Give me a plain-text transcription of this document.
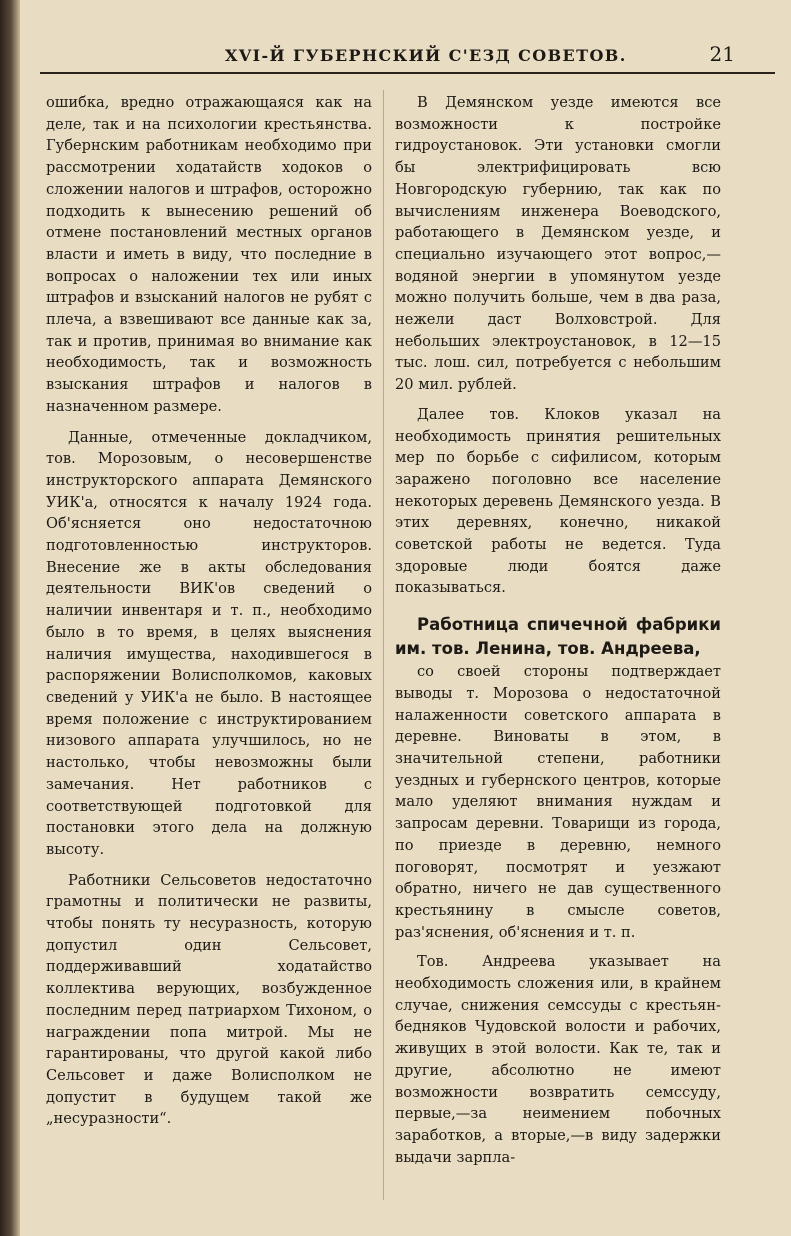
XVI-Й ГУБЕРНСКИЙ С'ЕЗД СОВЕТОВ.	21

ошибка, вредно отражающаяся как на деле, так и на психологии крестьянства. Губернским работникам необходимо при рассмотрении ходатайств ходоков о сложении налогов и штрафов, осторожно подходить к вынесению решений об отмене постановлений местных органов власти и иметь в виду, что последние в вопросах о наложении тех или иных штрафов и взысканий налогов не рубят с плеча, а взвешивают все данные как за, так и против, принимая во внимание как необходимость, так и возможность взыскания штрафов и налогов в назначенном размере.

Данные, отмеченные докладчиком, тов. Морозовым, о несовершенстве инструкторского аппарата Демянского УИК'а, относятся к началу 1924 года. Об'ясняется оно недостаточною подготовленностью инструкторов. Внесение же в акты обследования деятельности ВИК'ов сведений о наличии инвентаря и т. п., необходимо было в то время, в целях выяснения наличия имущества, находившегося в распоряжении Волисполкомов, каковых сведений у УИК'а не было. В настоящее время положение с инструктированием низового аппарата улучшилось, но не настолько, чтобы невозможны были замечания. Нет работников с соответствующей подготовкой для постановки этого дела на должную высоту.

Работники Сельсоветов недостаточно грамотны и политически не развиты, чтобы понять ту несуразность, которую допустил один Сельсовет, поддерживавший ходатайство коллектива верующих, возбужденное последним перед патриархом Тихоном, о награждении попа митрой. Мы не гарантированы, что другой какой либо Сельсовет и даже Волисполком не допустит в будущем такой же „несуразности“.

В Демянском уезде имеются все возможности к постройке гидроустановок. Эти установки смогли бы электрифицировать всю Новгородскую губернию, так как по вычислениям инженера Воеводского, работающего в Демянском уезде, и специально изучающего этот вопрос,—водяной энергии в упомянутом уезде можно получить больше, чем в два раза, нежели даст Волховстрой. Для небольших электроустановок, в 12—15 тыс. лош. сил, потребуется с небольшим 20 мил. рублей.

Далее тов. Клоков указал на необходимость принятия решительных мер по борьбе с сифилисом, которым заражено поголовно все население некоторых деревень Демянского уезда. В этих деревнях, конечно, никакой советской работы не ведется. Туда здоровые люди боятся даже показываться.

Работница спичечной фабрики им. тов. Ленина, тов. Андреева,

со своей стороны подтверждает выводы т. Морозова о недостаточной налаженности советского аппарата в деревне. Виноваты в этом, в значительной степени, работники уездных и губернского центров, которые мало уделяют внимания нуждам и запросам деревни. Товарищи из города, по приезде в деревню, немного поговорят, посмотрят и уезжают обратно, ничего не дав существенного крестьянину в смысле советов, раз'яснения, об'яснения и т. п.

Тов. Андреева указывает на необходимость сложения или, в крайнем случае, снижения семссуды с крестьян-бедняков Чудовской волости и рабочих, живущих в этой волости. Как те, так и другие, абсолютно не имеют возможности возвратить семссуду, первые,—за неимением побочных заработков, а вторые,—в виду задержки выдачи зарпла-
